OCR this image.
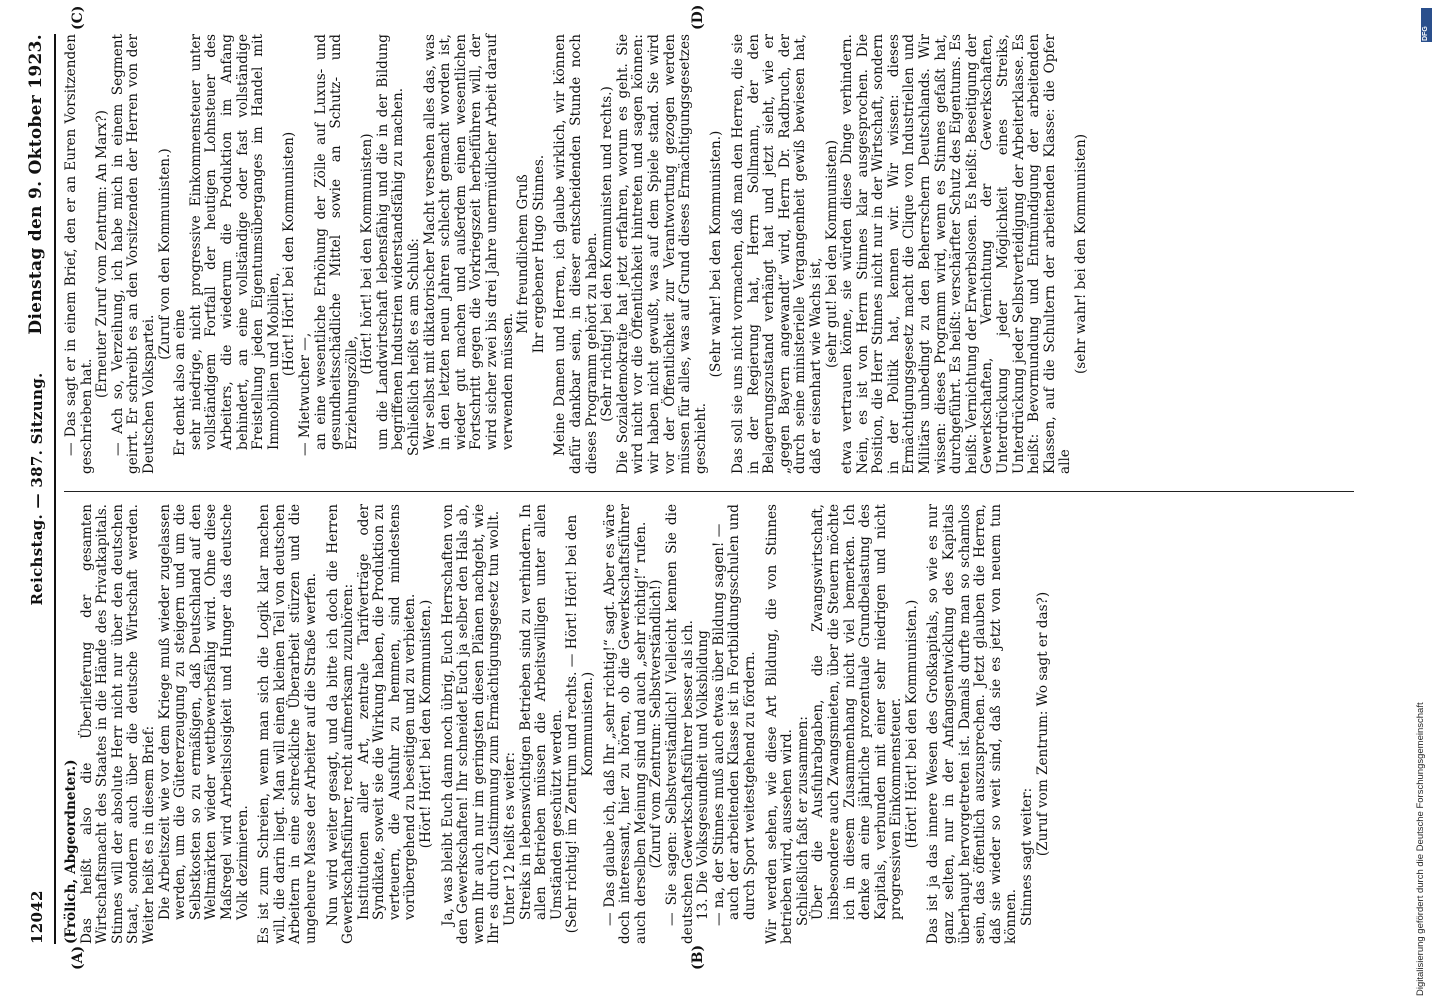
12042
Reichstag. — 387. Sitzung.
Dienstag den 9. Oktober 1923.
(A)	(B)
(C)	(D)

(Frölich, Abgeordneter.) Das heißt also die Überlieferung der gesamten Wirtschaftsmacht des Staates in die Hände des Privatkapitals. Stinnes will der absolute Herr nicht nur über den deutschen Staat, sondern auch über die deutsche Wirtschaft werden. Weiter heißt es in diesem Brief: Die Arbeitszeit wie vor dem Kriege muß wieder zugelassen werden, um die Gütererzeugung zu steigern und um die Selbstkosten so zu ermäßigen, daß Deutschland auf den Weltmärkten wieder wettbewerbsfähig wird. Ohne diese Maßregel wird Arbeitslosigkeit und Hunger das deutsche Volk dezimieren. Es ist zum Schreien, wenn man sich die Logik klar machen will, die darin liegt. Man will einen kleinen Teil von deutschen Arbeitern in eine schreckliche Überarbeit stürzen und die ungeheure Masse der Arbeiter auf die Straße werfen. Nun wird weiter gesagt, und da bitte ich doch die Herren Gewerkschaftsführer, recht aufmerksam zuzuhören: Institutionen aller Art, zentrale Tarifverträge oder Syndikate, soweit sie die Wirkung haben, die Produktion zu verteuern, die Ausfuhr zu hemmen, sind mindestens vorübergehend zu beseitigen und zu verbieten. (Hört! Hört! bei den Kommunisten.) Ja, was bleibt Euch dann noch übrig, Euch Herrschaften von den Gewerkschaften! Ihr schneidet Euch ja selber den Hals ab, wenn Ihr auch nur im geringsten diesen Plänen nachgebt, wie Ihr es durch Zustimmung zum Ermächtigungsgesetz tun wollt. Unter 12 heißt es weiter: Streiks in lebenswichtigen Betrieben sind zu verhindern. In allen Betrieben müssen die Arbeitswilligen unter allen Umständen geschützt werden. (Sehr richtig! im Zentrum und rechts. — Hört! Hört! bei den Kommunisten.) — Das glaube ich, daß Ihr „sehr richtig!“ sagt. Aber es wäre doch interessant, hier zu hören, ob die Gewerkschaftsführer auch derselben Meinung sind und auch „sehr richtig!“ rufen. (Zuruf vom Zentrum: Selbstverständlich!) — Sie sagen: Selbstverständlich! Vielleicht kennen Sie die deutschen Gewerkschaftsführer besser als ich. 13. Die Volksgesundheit und Volksbildung — na, der Stinnes muß auch etwas über Bildung sagen! — auch der arbeitenden Klasse ist in Fortbildungsschulen und durch Sport weitestgehend zu fördern. Wir werden sehen, wie diese Art Bildung, die von Stinnes betrieben wird, aussehen wird. Schließlich faßt er zusammen: Über die Ausfuhrabgaben, die Zwangswirtschaft, insbesondere auch Zwangsmieten, über die Steuern möchte ich in diesem Zusammenhang nicht viel bemerken. Ich denke an eine jährliche prozentuale Grundbelastung des Kapitals, verbunden mit einer sehr niedrigen und nicht progressiven Einkommensteuer. (Hört! Hört! bei den Kommunisten.) Das ist ja das innere Wesen des Großkapitals, so wie es nur ganz selten, nur in der Anfangsentwicklung des Kapitals überhaupt hervorgetreten ist. Damals durfte man so schamlos sein, das öffentlich auszusprechen. Jetzt glauben die Herren, daß sie wieder so weit sind, daß sie es jetzt von neuem tun können. Stinnes sagt weiter:

(Zuruf vom Zentrum: Wo sagt er das?)

— Das sagt er in einem Brief, den er an Euren Vorsitzenden geschrieben hat.

(Erneuter Zuruf vom Zentrum: An Marx?) — Ach so, Verzeihung, ich habe mich in einem Segment geirrt. Er schreibt es an den Vorsitzenden der Herren von der Deutschen Volkspartei.

(Zuruf von den Kommunisten.)

Er denkt also an eine sehr niedrige, nicht progressive Einkommensteuer unter vollständigem Fortfall der heutigen Lohnsteuer des Arbeiters, die wiederum die Produktion im Anfang behindert, an eine vollständige oder fast vollständige Freistellung jeden Eigentumsüberganges im Handel mit Immobilien und Mobilien, (Hört! Hört! bei den Kommunisten)

— Mietwucher —, an eine wesentliche Erhöhung der Zölle auf Luxus- und gesundheitsschädliche Mittel sowie an Schutz- und Erziehungszölle,

(Hört! hört! bei den Kommunisten) um die Landwirtschaft lebensfähig und die in der Bildung begriffenen Industrien widerstandsfähig zu machen. Schließlich heißt es am Schluß: Wer selbst mit diktatorischer Macht versehen alles das, was in den letzten neun Jahren schlecht gemacht worden ist, wieder gut machen und außerdem einen wesentlichen Fortschritt gegen die Vorkriegszeit herbeiführen will, der wird sicher zwei bis drei Jahre unermüdlicher Arbeit darauf verwenden müssen.

Mit freundlichem Gruß Ihr ergebener Hugo Stinnes. Meine Damen und Herren, ich glaube wirklich, wir können dafür dankbar sein, in dieser entscheidenden Stunde noch dieses Programm gehört zu haben. (Sehr richtig! bei den Kommunisten und rechts.) Die Sozialdemokratie hat jetzt erfahren, worum es geht. Sie wird nicht vor die Öffentlichkeit hintreten und sagen können: wir haben nicht gewußt, was auf dem Spiele stand. Sie wird vor der Öffentlichkeit zur Verantwortung gezogen werden müssen für alles, was auf Grund dieses Ermächtigungsgesetzes geschieht.

(Sehr wahr! bei den Kommunisten.) Das soll sie uns nicht vormachen, daß man den Herren, die sie in der Regierung hat, Herrn Sollmann, der den Belagerungszustand verhängt hat und jetzt sieht, wie er „gegen Bayern angewandt“ wird, Herrn Dr. Radbruch, der durch seine ministerielle Vergangenheit gewiß bewiesen hat, daß er eisenhart wie Wachs ist, (sehr gut! bei den Kommunisten) etwa vertrauen könne, sie würden diese Dinge verhindern. Nein, es ist von Herrn Stinnes klar ausgesprochen. Die Position, die Herr Stinnes nicht nur in der Wirtschaft, sondern in der Politik hat, kennen wir. Wir wissen: dieses Ermächtigungsgesetz macht die Clique von Industriellen und Militärs unbedingt zu den Beherrschern Deutschlands. Wir wissen: dieses Programm wird, wenn es Stinnes gefaßt hat, durchgeführt. Es heißt: verschärfter Schutz des Eigentums. Es heißt: Vernichtung der Erwerbslosen. Es heißt: Beseitigung der Gewerkschaften, Vernichtung der Gewerkschaften, Unterdrückung jeder Möglichkeit eines Streiks, Unterdrückung jeder Selbstverteidigung der Arbeiterklasse. Es heißt: Bevormundung und Entmündigung der arbeitenden Klassen, auf die Schultern der arbeitenden Klasse: die Opfer alle

(sehr wahr! bei den Kommunisten)

Digitalisierung gefördert durch die Deutsche Forschungsgemeinschaft
DFG
